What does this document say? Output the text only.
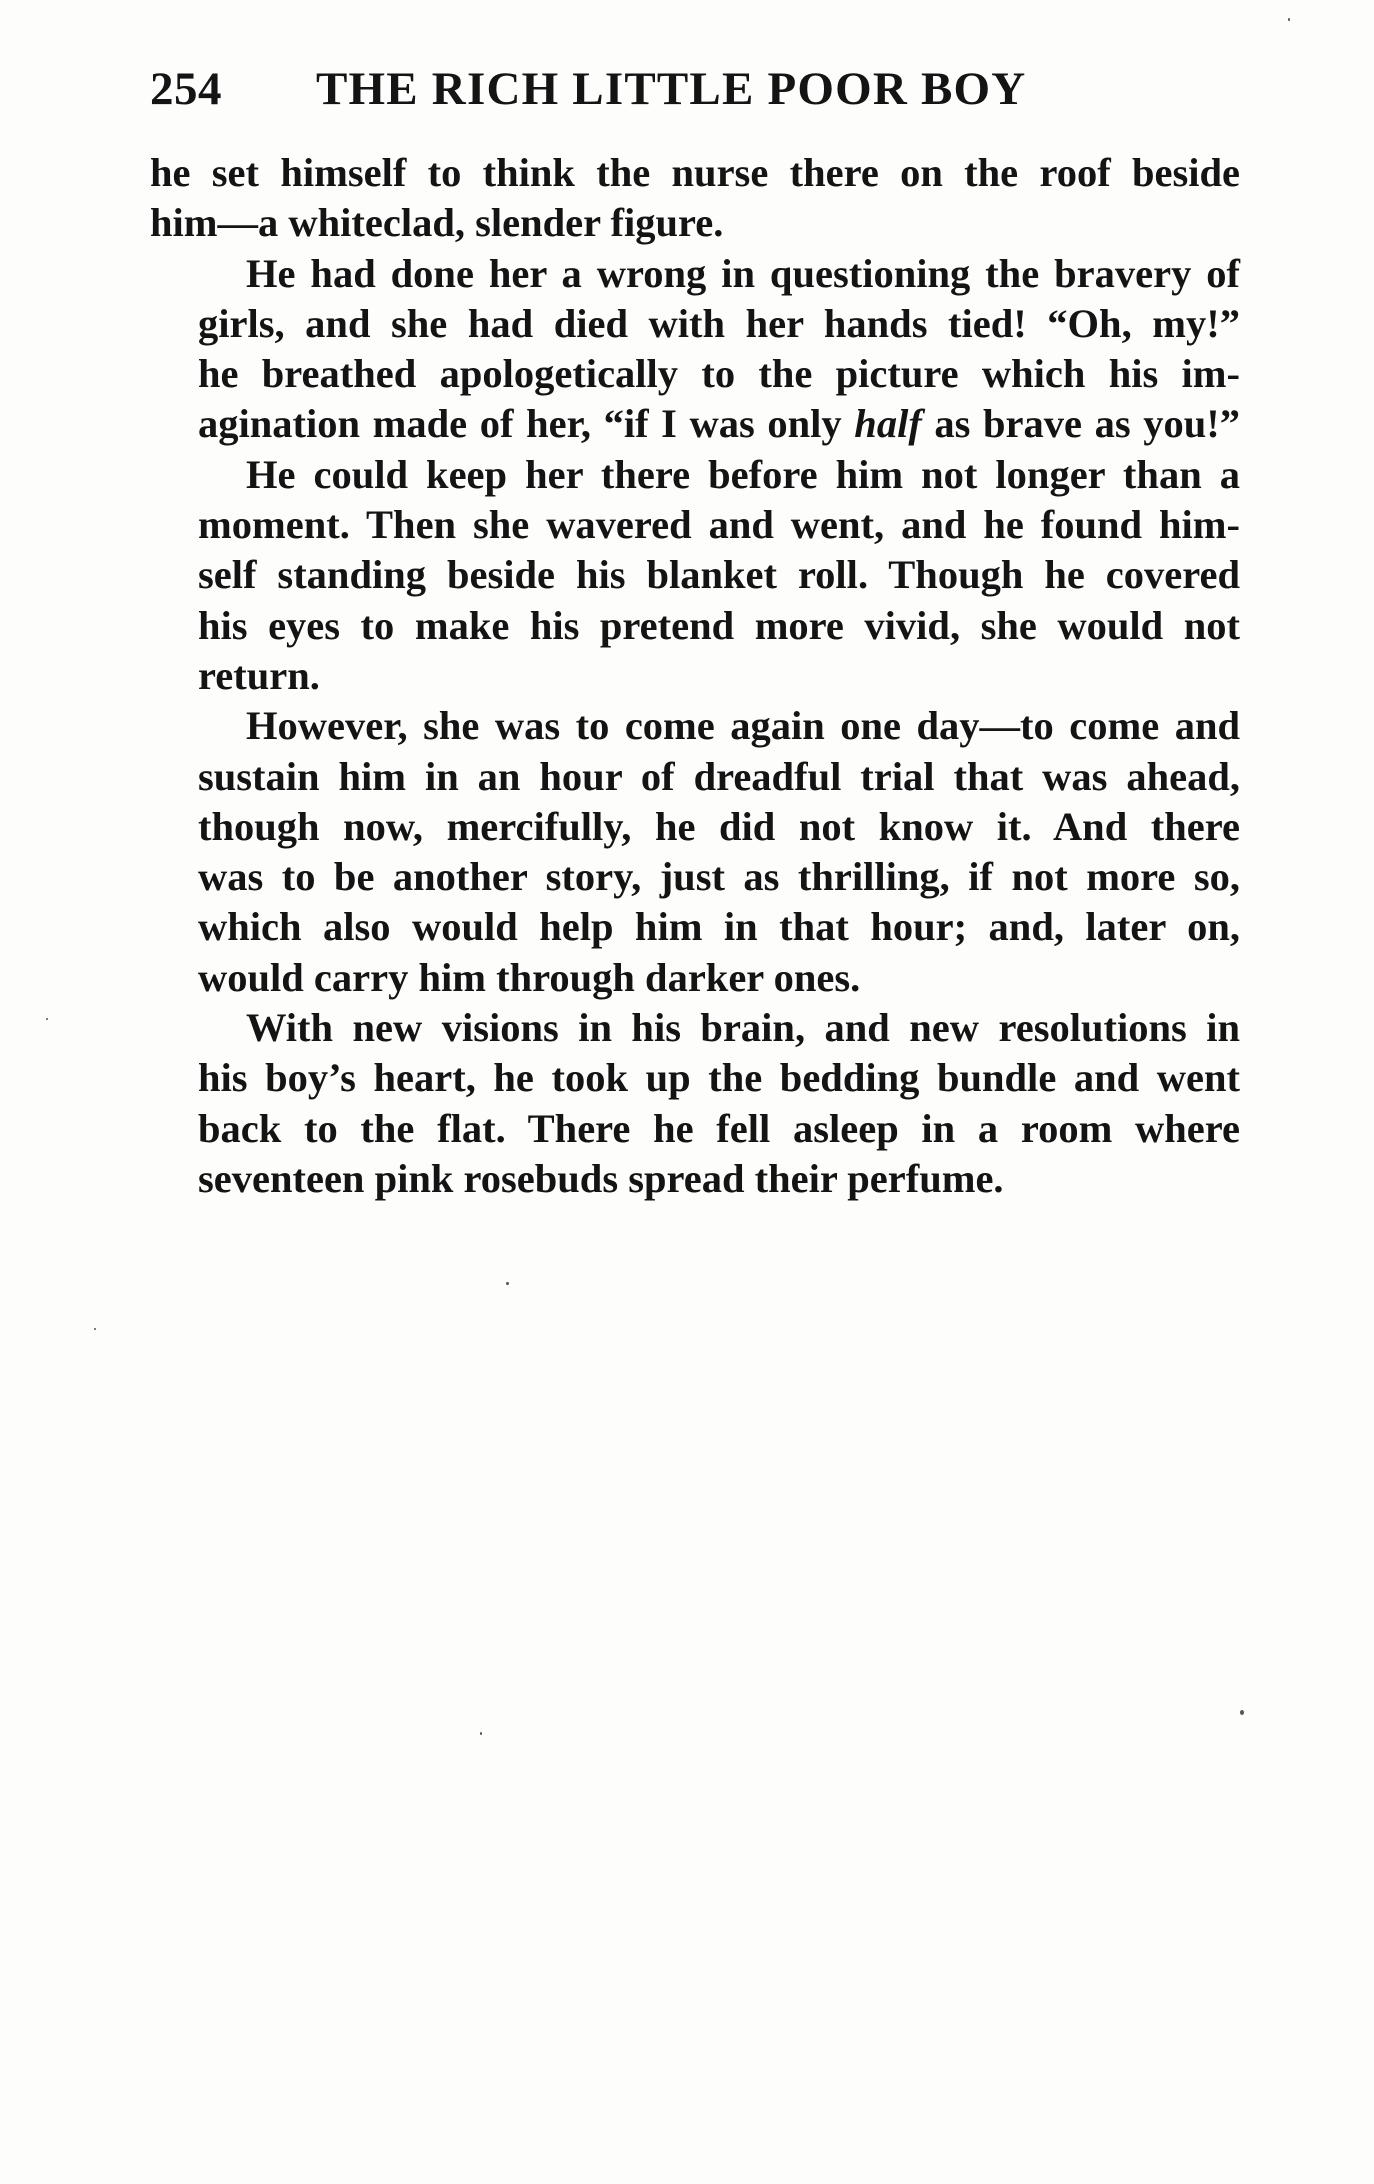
254 THE RICH LITTLE POOR BOY

he set himself to think the nurse there on the roof beside
him—a whiteclad, slender figure.

He had done her a wrong in questioning the bravery of
girls, and she had died with her hands tied! “Oh, my!”
he breathed apologetically to the picture which his im-
agination made of her, “if I was only half as brave as you!”

He could keep her there before him not longer than a
moment. Then she wavered and went, and he found him-
self standing beside his blanket roll. Though he covered
his eyes to make his pretend more vivid, she would not
return.

However, she was to come again one day—to come and
sustain him in an hour of dreadful trial that was ahead,
though now, mercifully, he did not know it. And there
was to be another story, just as thrilling, if not more so,
which also would help him in that hour; and, later on,
would carry him through darker ones.

With new visions in his brain, and new resolutions in
his boy’s heart, he took up the bedding bundle and went
back to the flat. There he fell asleep in a room where
seventeen pink rosebuds spread their perfume.
